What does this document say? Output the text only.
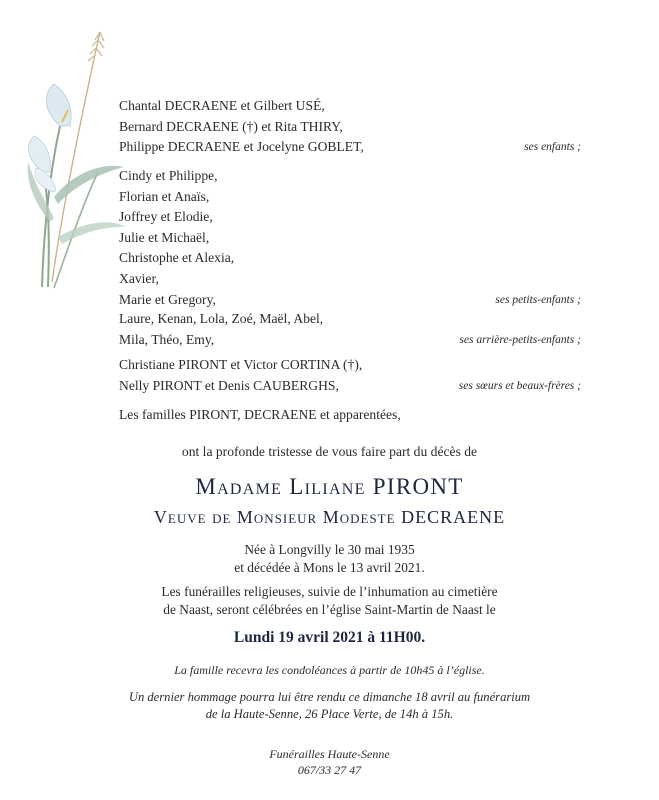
Chantal DECRAENE et Gilbert USÉ,
Bernard DECRAENE (†) et Rita THIRY,
Philippe DECRAENE et Jocelyne GOBLET,	ses enfants ;
Cindy et Philippe,
Florian et Anaïs,
Joffrey et Elodie,
Julie et Michaël,
Christophe et Alexia,
Xavier,
Marie et Gregory,	ses petits-enfants ;
Laure, Kenan, Lola, Zoé, Maël, Abel,
Mila, Théo, Emy,	ses arrière-petits-enfants ;
Christiane PIRONT et Victor CORTINA (†),
Nelly PIRONT et Denis CAUBERGHS,	ses sœurs et beaux-frères ;
Les familles PIRONT, DECRAENE et apparentées,
ont la profonde tristesse de vous faire part du décès de
Madame Liliane PIRONT
Veuve de Monsieur Modeste DECRAENE
Née à Longvilly le 30 mai 1935
et décédée à Mons le 13 avril 2021.
Les funérailles religieuses, suivie de l’inhumation au cimetière
de Naast, seront célébrées en l’église Saint-Martin de Naast le
Lundi 19 avril 2021 à 11H00.
La famille recevra les condoléances à partir de 10h45 à l’église.
Un dernier hommage pourra lui être rendu ce dimanche 18 avril au funérarium
de la Haute-Senne, 26 Place Verte, de 14h à 15h.
Funérailles Haute-Senne
067/33 27 47
